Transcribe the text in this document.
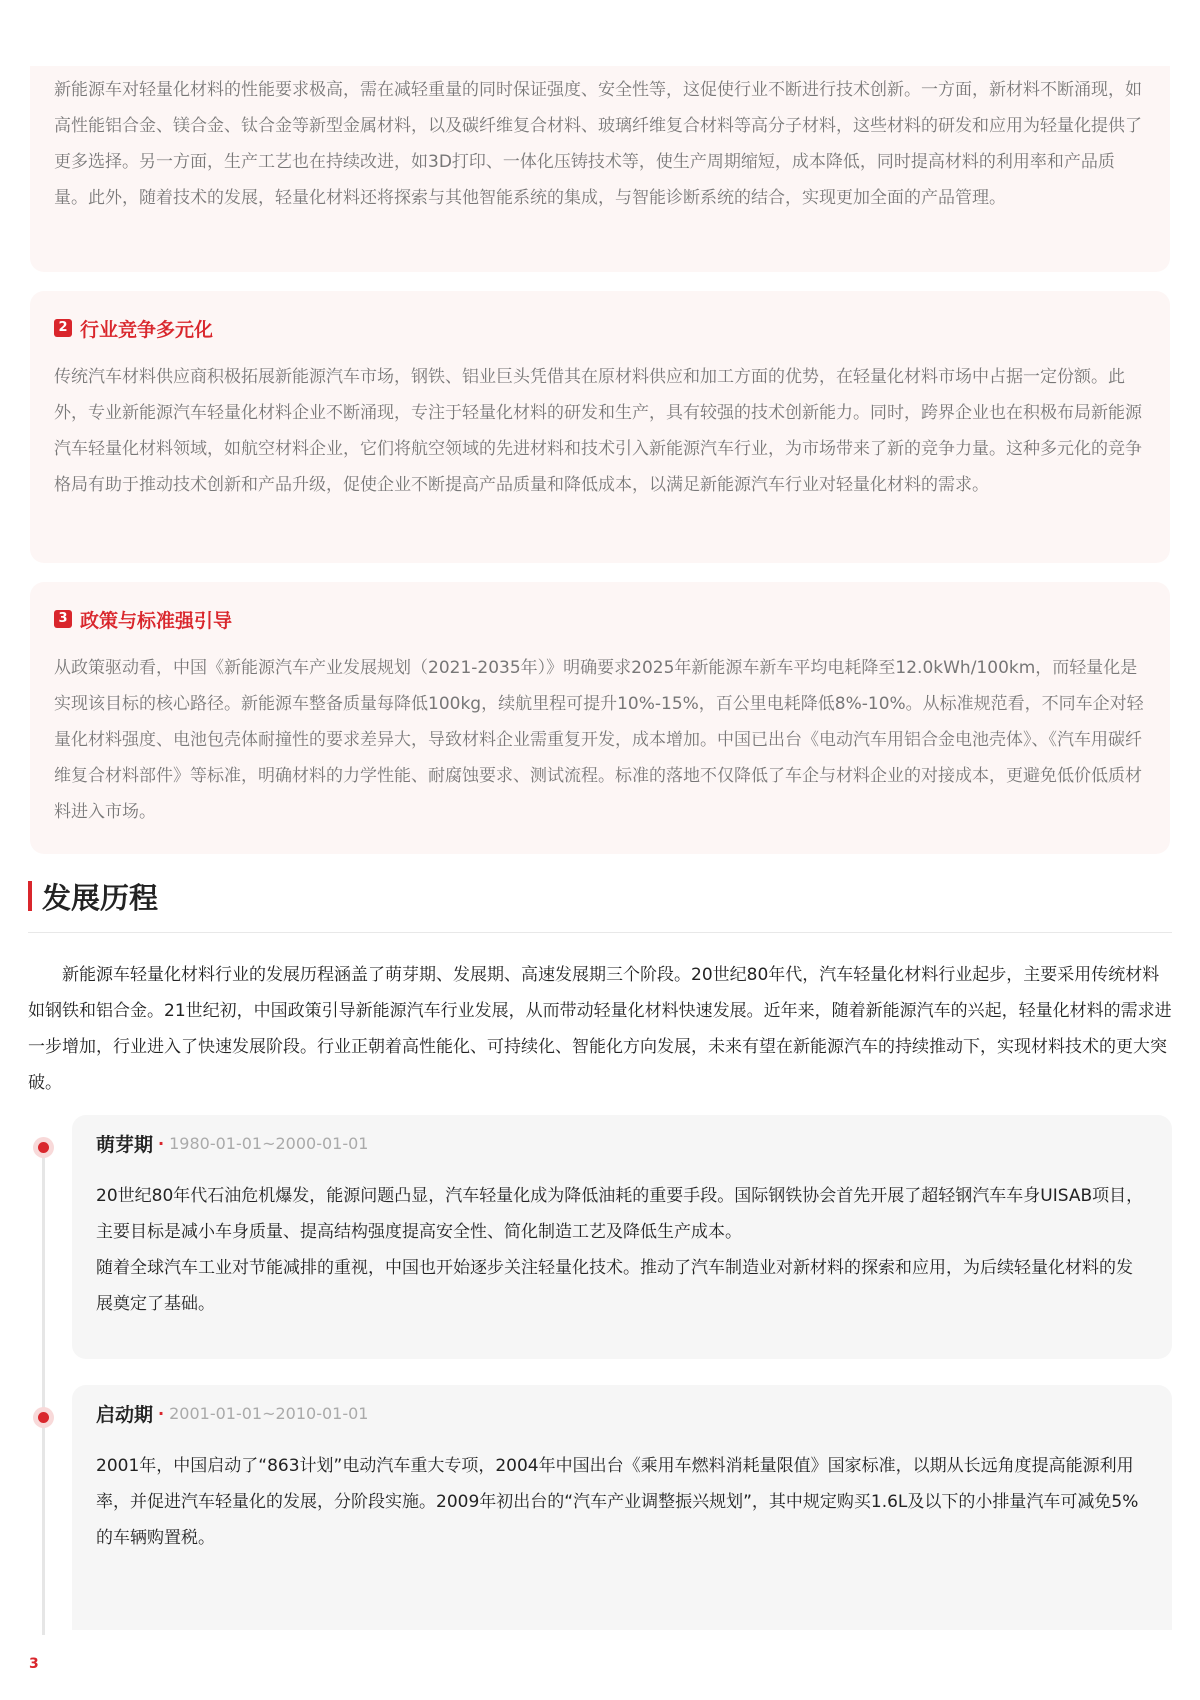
新能源车对轻量化材料的性能要求极高，需在减轻重量的同时保证强度、安全性等，这促使行业不断进行技术创新。一方面，新材料不断涌现，如高性能铝合金、镁合金、钛合金等新型金属材料，以及碳纤维复合材料、玻璃纤维复合材料等高分子材料，这些材料的研发和应用为轻量化提供了更多选择。另一方面，生产工艺也在持续改进，如3D打印、一体化压铸技术等，使生产周期缩短，成本降低，同时提高材料的利用率和产品质量。此外，随着技术的发展，轻量化材料还将探索与其他智能系统的集成，与智能诊断系统的结合，实现更加全面的产品管理。

2 行业竞争多元化

传统汽车材料供应商积极拓展新能源汽车市场，钢铁、铝业巨头凭借其在原材料供应和加工方面的优势，在轻量化材料市场中占据一定份额。此外，专业新能源汽车轻量化材料企业不断涌现，专注于轻量化材料的研发和生产，具有较强的技术创新能力。同时，跨界企业也在积极布局新能源汽车轻量化材料领域，如航空材料企业，它们将航空领域的先进材料和技术引入新能源汽车行业，为市场带来了新的竞争力量。这种多元化的竞争格局有助于推动技术创新和产品升级，促使企业不断提高产品质量和降低成本，以满足新能源汽车行业对轻量化材料的需求。

3 政策与标准强引导

从政策驱动看，中国《新能源汽车产业发展规划（2021-2035年）》明确要求2025年新能源车新车平均电耗降至12.0kWh/100km，而轻量化是实现该目标的核心路径。新能源车整备质量每降低100kg，续航里程可提升10%-15%，百公里电耗降低8%-10%。从标准规范看，不同车企对轻量化材料强度、电池包壳体耐撞性的要求差异大，导致材料企业需重复开发，成本增加。中国已出台《电动汽车用铝合金电池壳体》、《汽车用碳纤维复合材料部件》等标准，明确材料的力学性能、耐腐蚀要求、测试流程。标准的落地不仅降低了车企与材料企业的对接成本，更避免低价低质材料进入市场。

发展历程

新能源车轻量化材料行业的发展历程涵盖了萌芽期、发展期、高速发展期三个阶段。20世纪80年代，汽车轻量化材料行业起步，主要采用传统材料如钢铁和铝合金。21世纪初，中国政策引导新能源汽车行业发展，从而带动轻量化材料快速发展。近年来，随着新能源汽车的兴起，轻量化材料的需求进一步增加，行业进入了快速发展阶段。行业正朝着高性能化、可持续化、智能化方向发展，未来有望在新能源汽车的持续推动下，实现材料技术的更大突破。

萌芽期 · 1980-01-01~2000-01-01

20世纪80年代石油危机爆发，能源问题凸显，汽车轻量化成为降低油耗的重要手段。国际钢铁协会首先开展了超轻钢汽车车身UISAB项目，主要目标是减小车身质量、提高结构强度提高安全性、简化制造工艺及降低生产成本。

随着全球汽车工业对节能减排的重视，中国也开始逐步关注轻量化技术。推动了汽车制造业对新材料的探索和应用，为后续轻量化材料的发展奠定了基础。

启动期 · 2001-01-01~2010-01-01

2001年，中国启动了“863计划”电动汽车重大专项，2004年中国出台《乘用车燃料消耗量限值》国家标准，以期从长远角度提高能源利用率，并促进汽车轻量化的发展，分阶段实施。2009年初出台的“汽车产业调整振兴规划”，其中规定购买1.6L及以下的小排量汽车可减免5%的车辆购置税。

3
